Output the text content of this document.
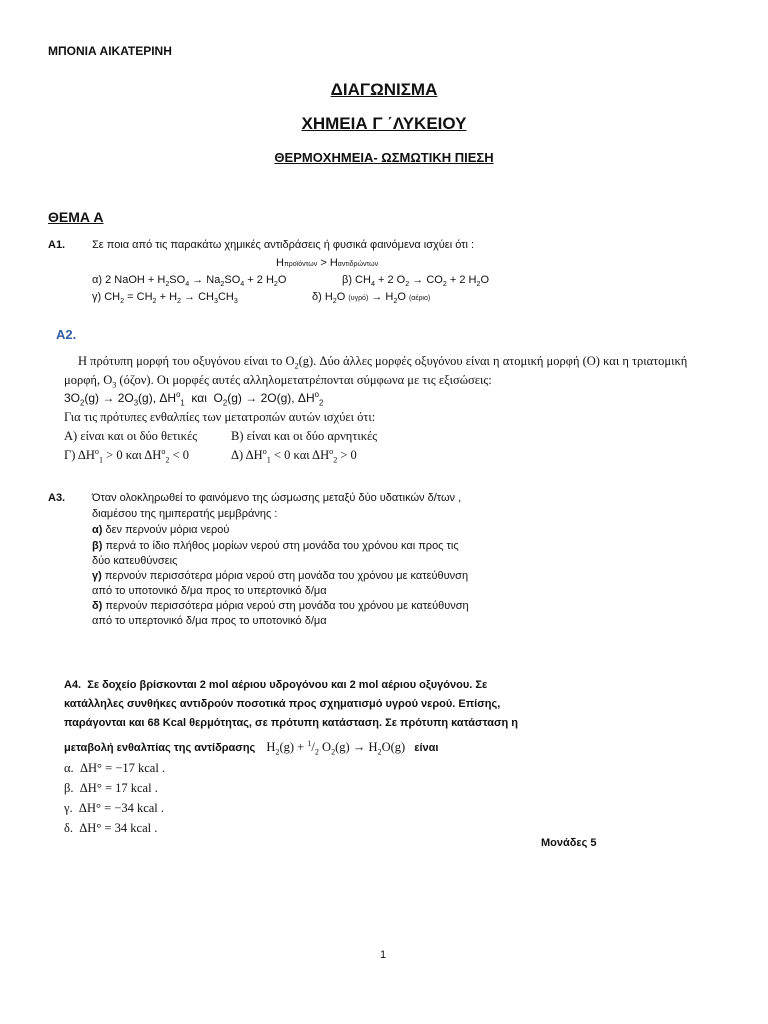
ΜΠΟΝΙΑ ΑΙΚΑΤΕΡΙΝΗ
ΔΙΑΓΩΝΙΣΜΑ
ΧΗΜΕΙΑ Γ ΄ΛΥΚΕΙΟΥ
ΘΕΡΜΟΧΗΜΕΙΑ- ΩΣΜΩΤΙΚΗ ΠΙΕΣΗ
ΘΕΜΑ Α
A1. Σε ποια από τις παρακάτω χημικές αντιδράσεις ή φυσικά φαινόμενα ισχύει ότι :
Hπροϊόντων > Hαντιδρώντων
α) 2 NaOH + $H_2SO_4 \to Na_2SO_4 + 2$ $H_2O$	β) $CH_4 + 2$ $O_2 \to CO_2 + 2$ $H_2O$
γ) $CH_2 = CH_2 + H_2 \to CH_3CH_3$	δ) $H_2O$ $(\upsilon\gamma\rho ό) \to H_2O$ (αέριο)
A2.
Η πρότυπη μορφή του οξυγόνου είναι το $O_2(g)$. Δύο άλλες μορφές οξυγόνου είναι η ατομική μορφή (Ο) και η τριατομική
μορφή, $O_3$ (όζον). Οι μορφές αυτές αλληλομετατρέπονται σύμφωνα με τις εξισώσεις:
$3O_2(g) \to 2O_3(g)$, $\Delta H^o_1$ και  $O_2(g) \to 2O(g)$, $\Delta H^o_2$
Για τις πρότυπες ενθαλπίες των μετατροπών αυτών ισχύει ότι:
Α) είναι και οι δύο θετικές	Β) είναι και οι δύο αρνητικές
Γ) $\Delta H^o_1 > 0$ και $\Delta H^o_2 < 0$	Δ) $\Delta H^o_1 < 0$ και $\Delta H^o_2 > 0$
A3. Όταν ολοκληρωθεί το φαινόμενο της ώσμωσης μεταξύ δύο υδατικών δ/των ,
διαμέσου της ημιπερατής μεμβράνης :
α) δεν περνούν μόρια νερού
β) περνά το ίδιο πλήθος μορίων νερού στη μονάδα του χρόνου και προς τις
δύο κατευθύνσεις
γ) περνούν περισσότερα μόρια νερού στη μονάδα του χρόνου με κατεύθυνση
από το υποτονικό δ/μα προς το υπερτονικό δ/μα
δ) περνούν περισσότερα μόρια νερού στη μονάδα του χρόνου με κατεύθυνση
από το υπερτονικό δ/μα προς το υποτονικό δ/μα
A4. Σε δοχείο βρίσκονται 2 mol αέριου υδρογόνου και 2 mol αέριου οξυγόνου. Σε
κατάλληλες συνθήκες αντιδρούν ποσοτικά προς σχηματισμό υγρού νερού. Επίσης,
παράγονται και 68 Kcal θερμότητας, σε πρότυπη κατάσταση. Σε πρότυπη κατάσταση η
μεταβολή ενθαλπίας της αντίδρασης $H_2(g) + ^1/_2$ $O_2(g) \to H_2O(g)$ είναι
α.  ΔH° = −17 kcal .
β.  ΔH° = 17 kcal .
γ.  ΔH° = −34 kcal .
δ.  ΔH° = 34 kcal .
Μονάδες 5
1
